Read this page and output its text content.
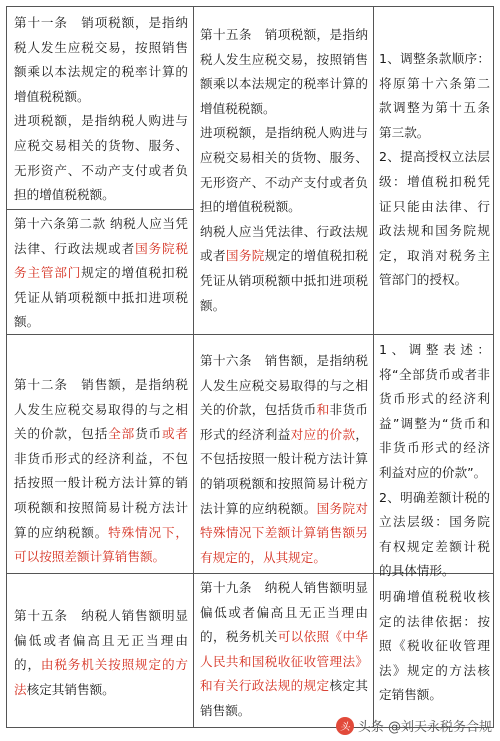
第十一条　销项税额，是指纳税人发生应税交易，按照销售额乘以本法规定的税率计算的增值税税额。

进项税额，是指纳税人购进与应税交易相关的货物、服务、无形资产、不动产支付或者负担的增值税税额。

第十六条第二款 纳税人应当凭法律、行政法规或者国务院税务主管部门规定的增值税扣税凭证从销项税额中抵扣进项税额。

第十五条　销项税额，是指纳税人发生应税交易，按照销售额乘以本法规定的税率计算的增值税税额。

进项税额，是指纳税人购进与应税交易相关的货物、服务、无形资产、不动产支付或者负担的增值税税额。

纳税人应当凭法律、行政法规或者国务院规定的增值税扣税凭证从销项税额中抵扣进项税额。

1、调整条款顺序：将原第十六条第二款调整为第十五条第三款。

2、提高授权立法层级：增值税扣税凭证只能由法律、行政法规和国务院规定，取消对税务主管部门的授权。

第十二条　销售额，是指纳税人发生应税交易取得的与之相关的价款，包括全部货币或者非货币形式的经济利益，不包括按照一般计税方法计算的销项税额和按照简易计税方法计算的应纳税额。特殊情况下，可以按照差额计算销售额。

第十六条　销售额，是指纳税人发生应税交易取得的与之相关的价款，包括货币和非货币形式的经济利益对应的价款，不包括按照一般计税方法计算的销项税额和按照简易计税方法计算的应纳税额。国务院对特殊情况下差额计算销售额另有规定的，从其规定。

1、调整表述：将“全部货币或者非货币形式的经济利益”调整为“货币和非货币形式的经济利益对应的价款”。

2、明确差额计税的立法层级：国务院有权规定差额计税的具体情形。

第十五条　纳税人销售额明显偏低或者偏高且无正当理由的，由税务机关按照规定的方法核定其销售额。

第十九条　纳税人销售额明显偏低或者偏高且无正当理由的，税务机关可以依照《中华人民共和国税收征收管理法》和有关行政法规的规定核定其销售额。

明确增值税税收核定的法律依据：按照《税收征收管理法》规定的方法核定销售额。

头 头条 @刘天永税务合规
